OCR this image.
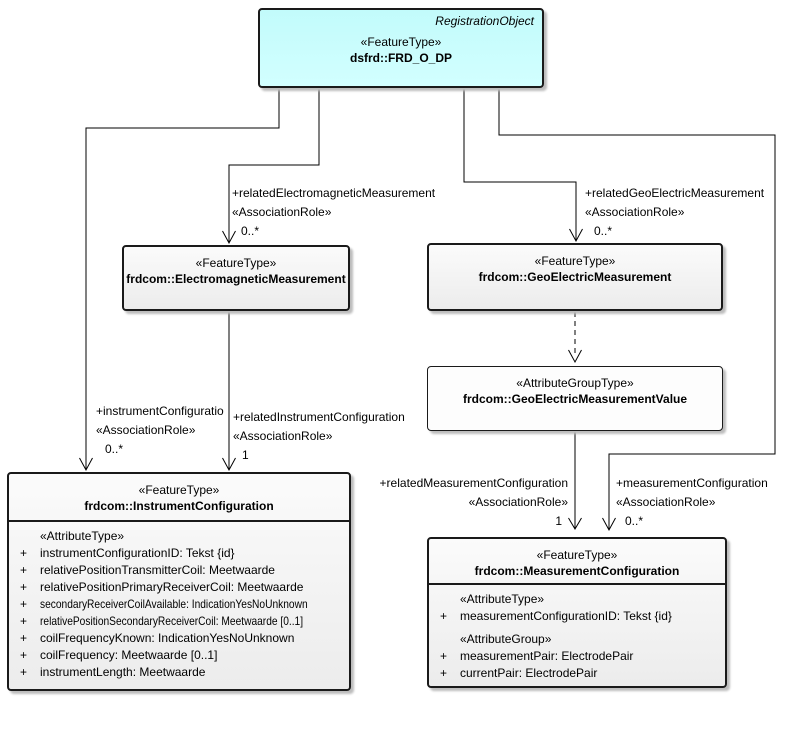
RegistrationObject
«FeatureType»
dsfrd::FRD_O_DP
«FeatureType»
frdcom::ElectromagneticMeasurement
«FeatureType»
frdcom::GeoElectricMeasurement
«AttributeGroupType»
frdcom::GeoElectricMeasurementValue
«FeatureType»
frdcom::InstrumentConfiguration
«AttributeType»
+	instrumentConfigurationID: Tekst {id}
+	relativePositionTransmitterCoil: Meetwaarde
+	relativePositionPrimaryReceiverCoil: Meetwaarde
+	secondaryReceiverCoilAvailable: IndicationYesNoUnknown
+	relativePositionSecondaryReceiverCoil: Meetwaarde [0..1]
+	coilFrequencyKnown: IndicationYesNoUnknown
+	coilFrequency: Meetwaarde [0..1]
+	instrumentLength: Meetwaarde
«FeatureType»
frdcom::MeasurementConfiguration
«AttributeType»
+	measurementConfigurationID: Tekst {id}
«AttributeGroup»
+	measurementPair: ElectrodePair
+	currentPair: ElectrodePair
+relatedElectromagneticMeasurement
«AssociationRole»
0..*
+relatedGeoElectricMeasurement
«AssociationRole»
0..*
+instrumentConfiguratio
«AssociationRole»
0..*
+relatedInstrumentConfiguration
«AssociationRole»
1
+relatedMeasurementConfiguration
«AssociationRole»
1
+measurementConfiguration
«AssociationRole»
0..*
